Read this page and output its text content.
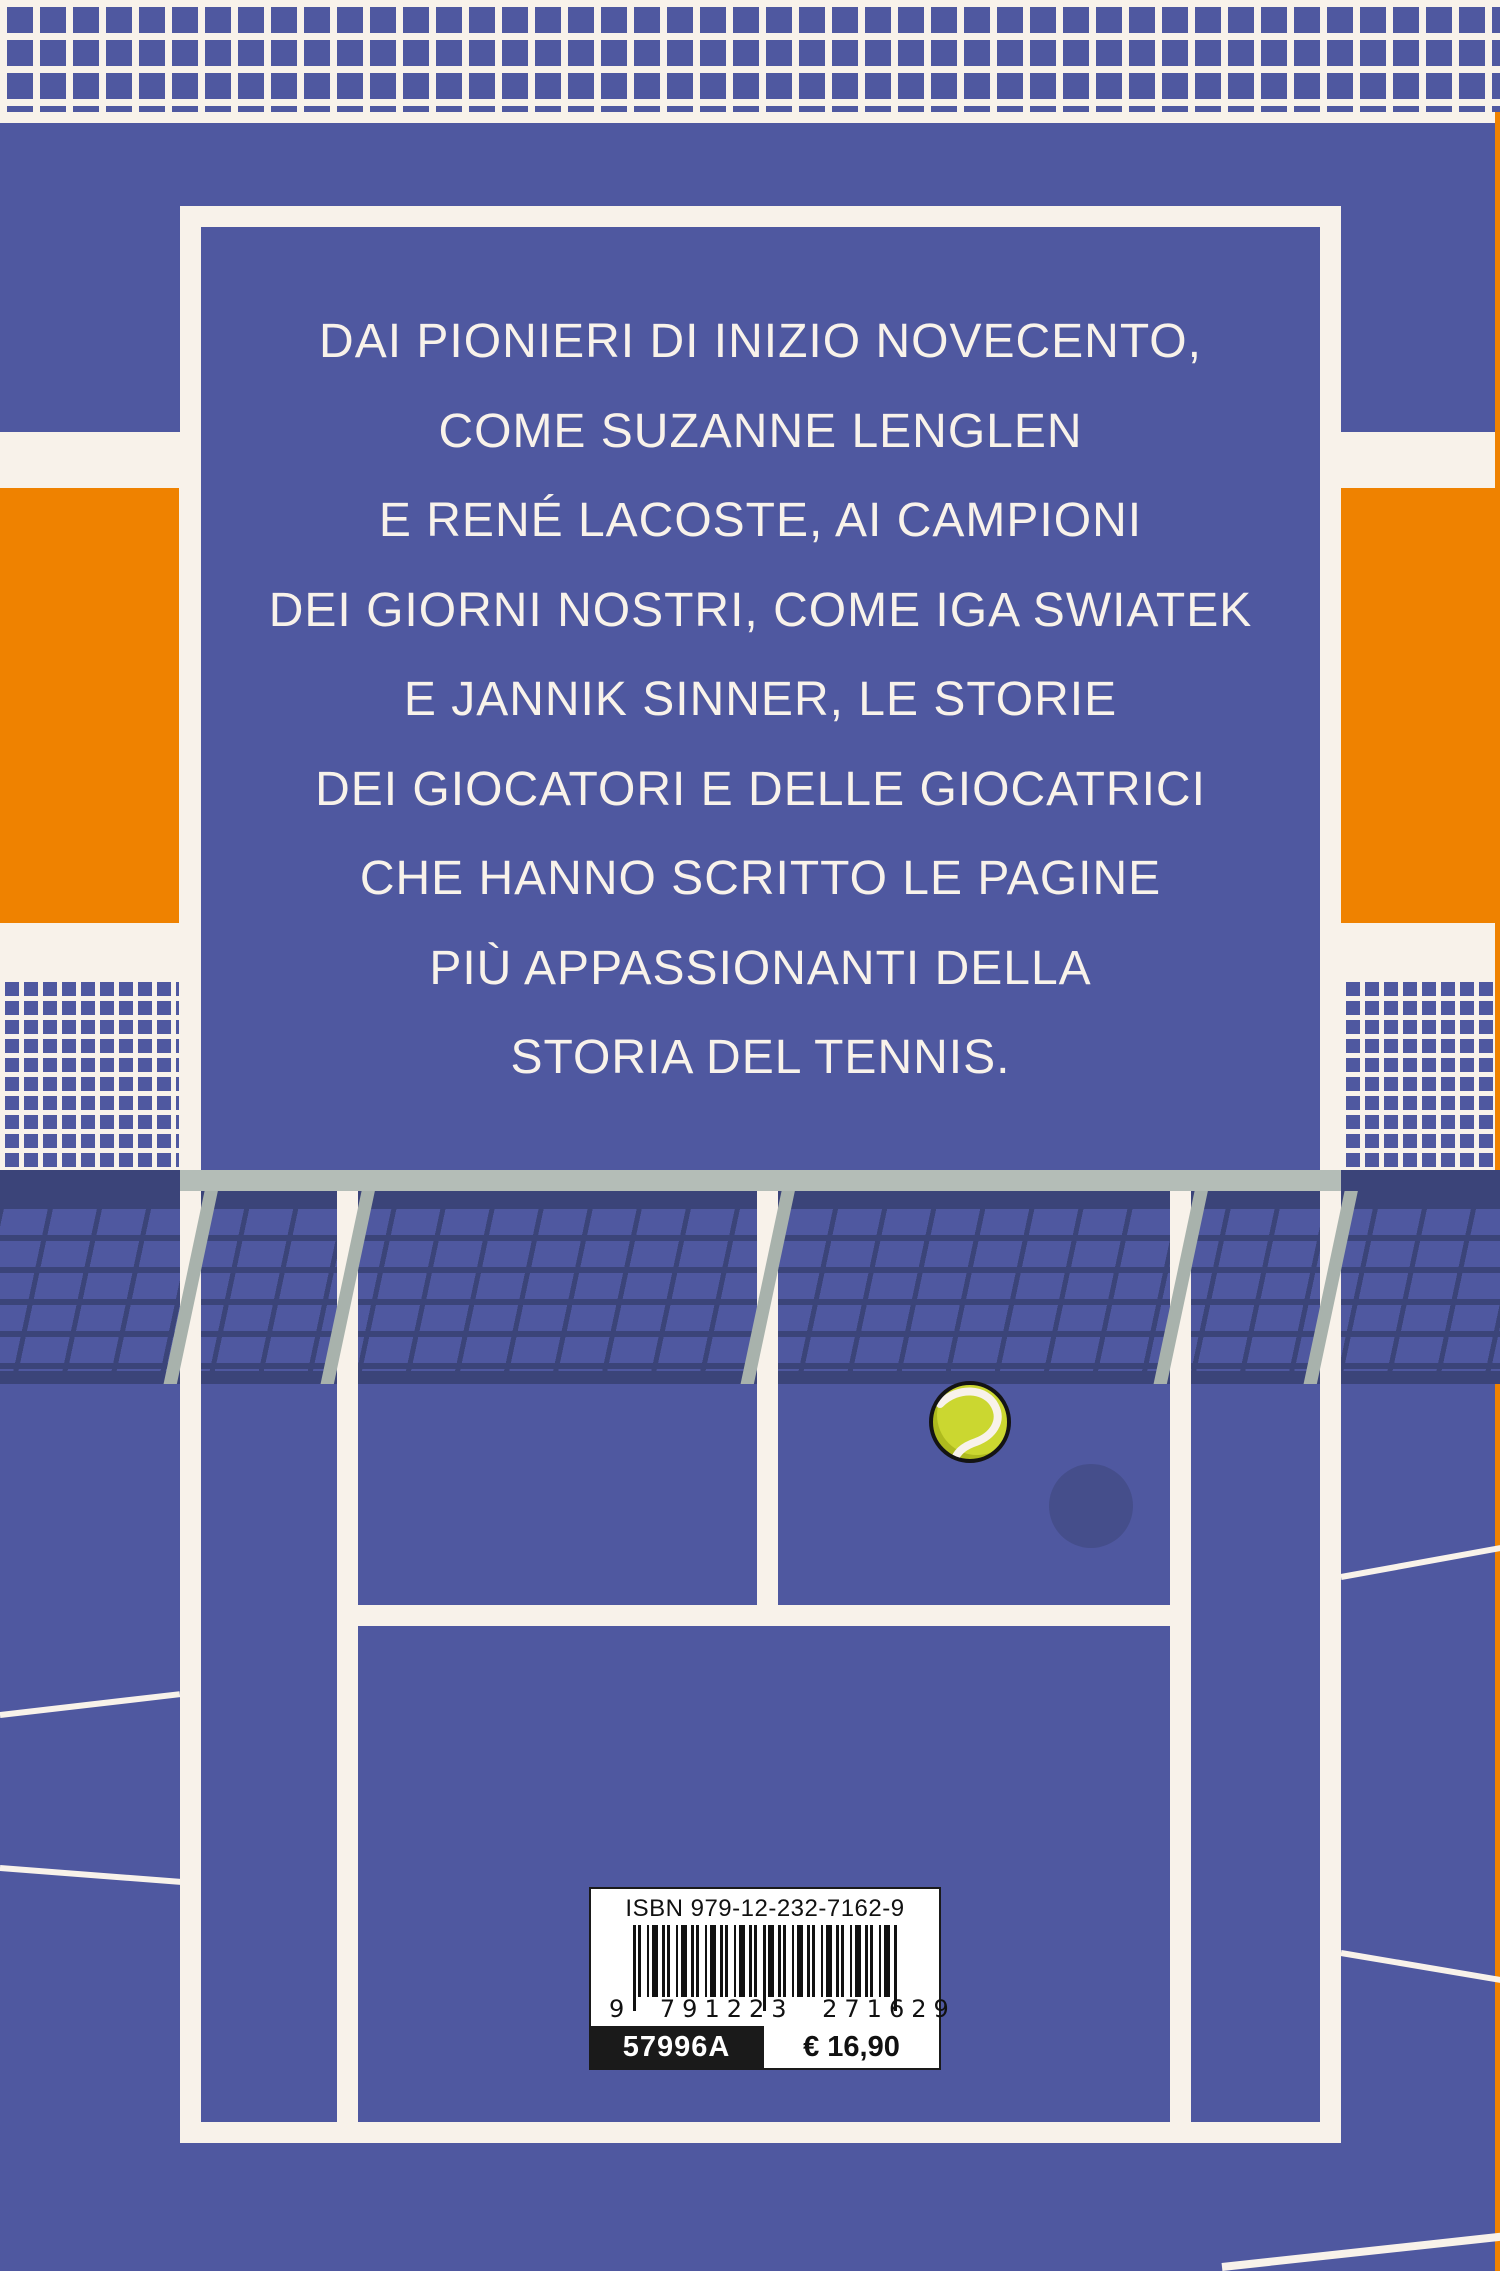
DAI PIONIERI DI INIZIO NOVECENTO,
COME SUZANNE LENGLEN
E RENÉ LACOSTE, AI CAMPIONI
DEI GIORNI NOSTRI, COME IGA SWIATEK
E JANNIK SINNER, LE STORIE
DEI GIOCATORI E DELLE GIOCATRICI
CHE HANNO SCRITTO LE PAGINE
PIÙ APPASSIONANTI DELLA
STORIA DEL TENNIS.
ISBN 979-12-232-7162-9
9 791223 271629
57996A	€ 16,90
